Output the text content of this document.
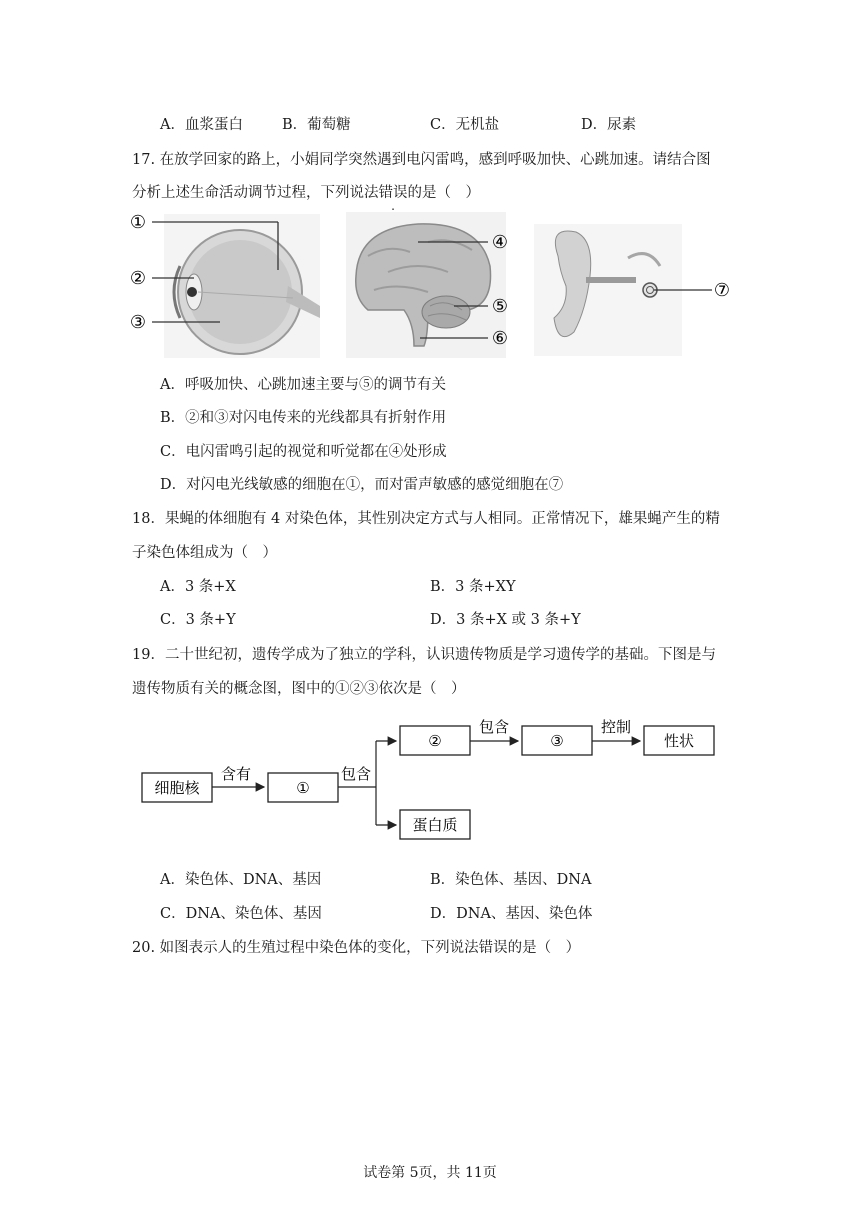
A．血浆蛋白	B．葡萄糖	C．无机盐	D．尿素
17. 在放学回家的路上，小娟同学突然遇到电闪雷鸣，感到呼吸加快、心跳加速。请结合图
分析上述生命活动调节过程，下列说法错误的是（　）
①
②
③
④
⑤
⑥
⑦
A．呼吸加快、心跳加速主要与⑤的调节有关
B．②和③对闪电传来的光线都具有折射作用
C．电闪雷鸣引起的视觉和听觉都在④处形成
D．对闪电光线敏感的细胞在①，而对雷声敏感的感觉细胞在⑦
18．果蝇的体细胞有 4 对染色体，其性别决定方式与人相同。正常情况下，雄果蝇产生的精
子染色体组成为（　）
A．3 条+X	B．3 条+XY
C．3 条+Y	D．3 条+X 或 3 条+Y
19．二十世纪初，遗传学成为了独立的学科，认识遗传物质是学习遗传学的基础。下图是与
遗传物质有关的概念图，图中的①②③依次是（　）
细胞核
含有
①
包含
②
包含
③
控制
性状
蛋白质
A．染色体、DNA、基因	B．染色体、基因、DNA
C．DNA、染色体、基因	D．DNA、基因、染色体
20. 如图表示人的生殖过程中染色体的变化，下列说法错误的是（　）
试卷第 5页，共 11页
